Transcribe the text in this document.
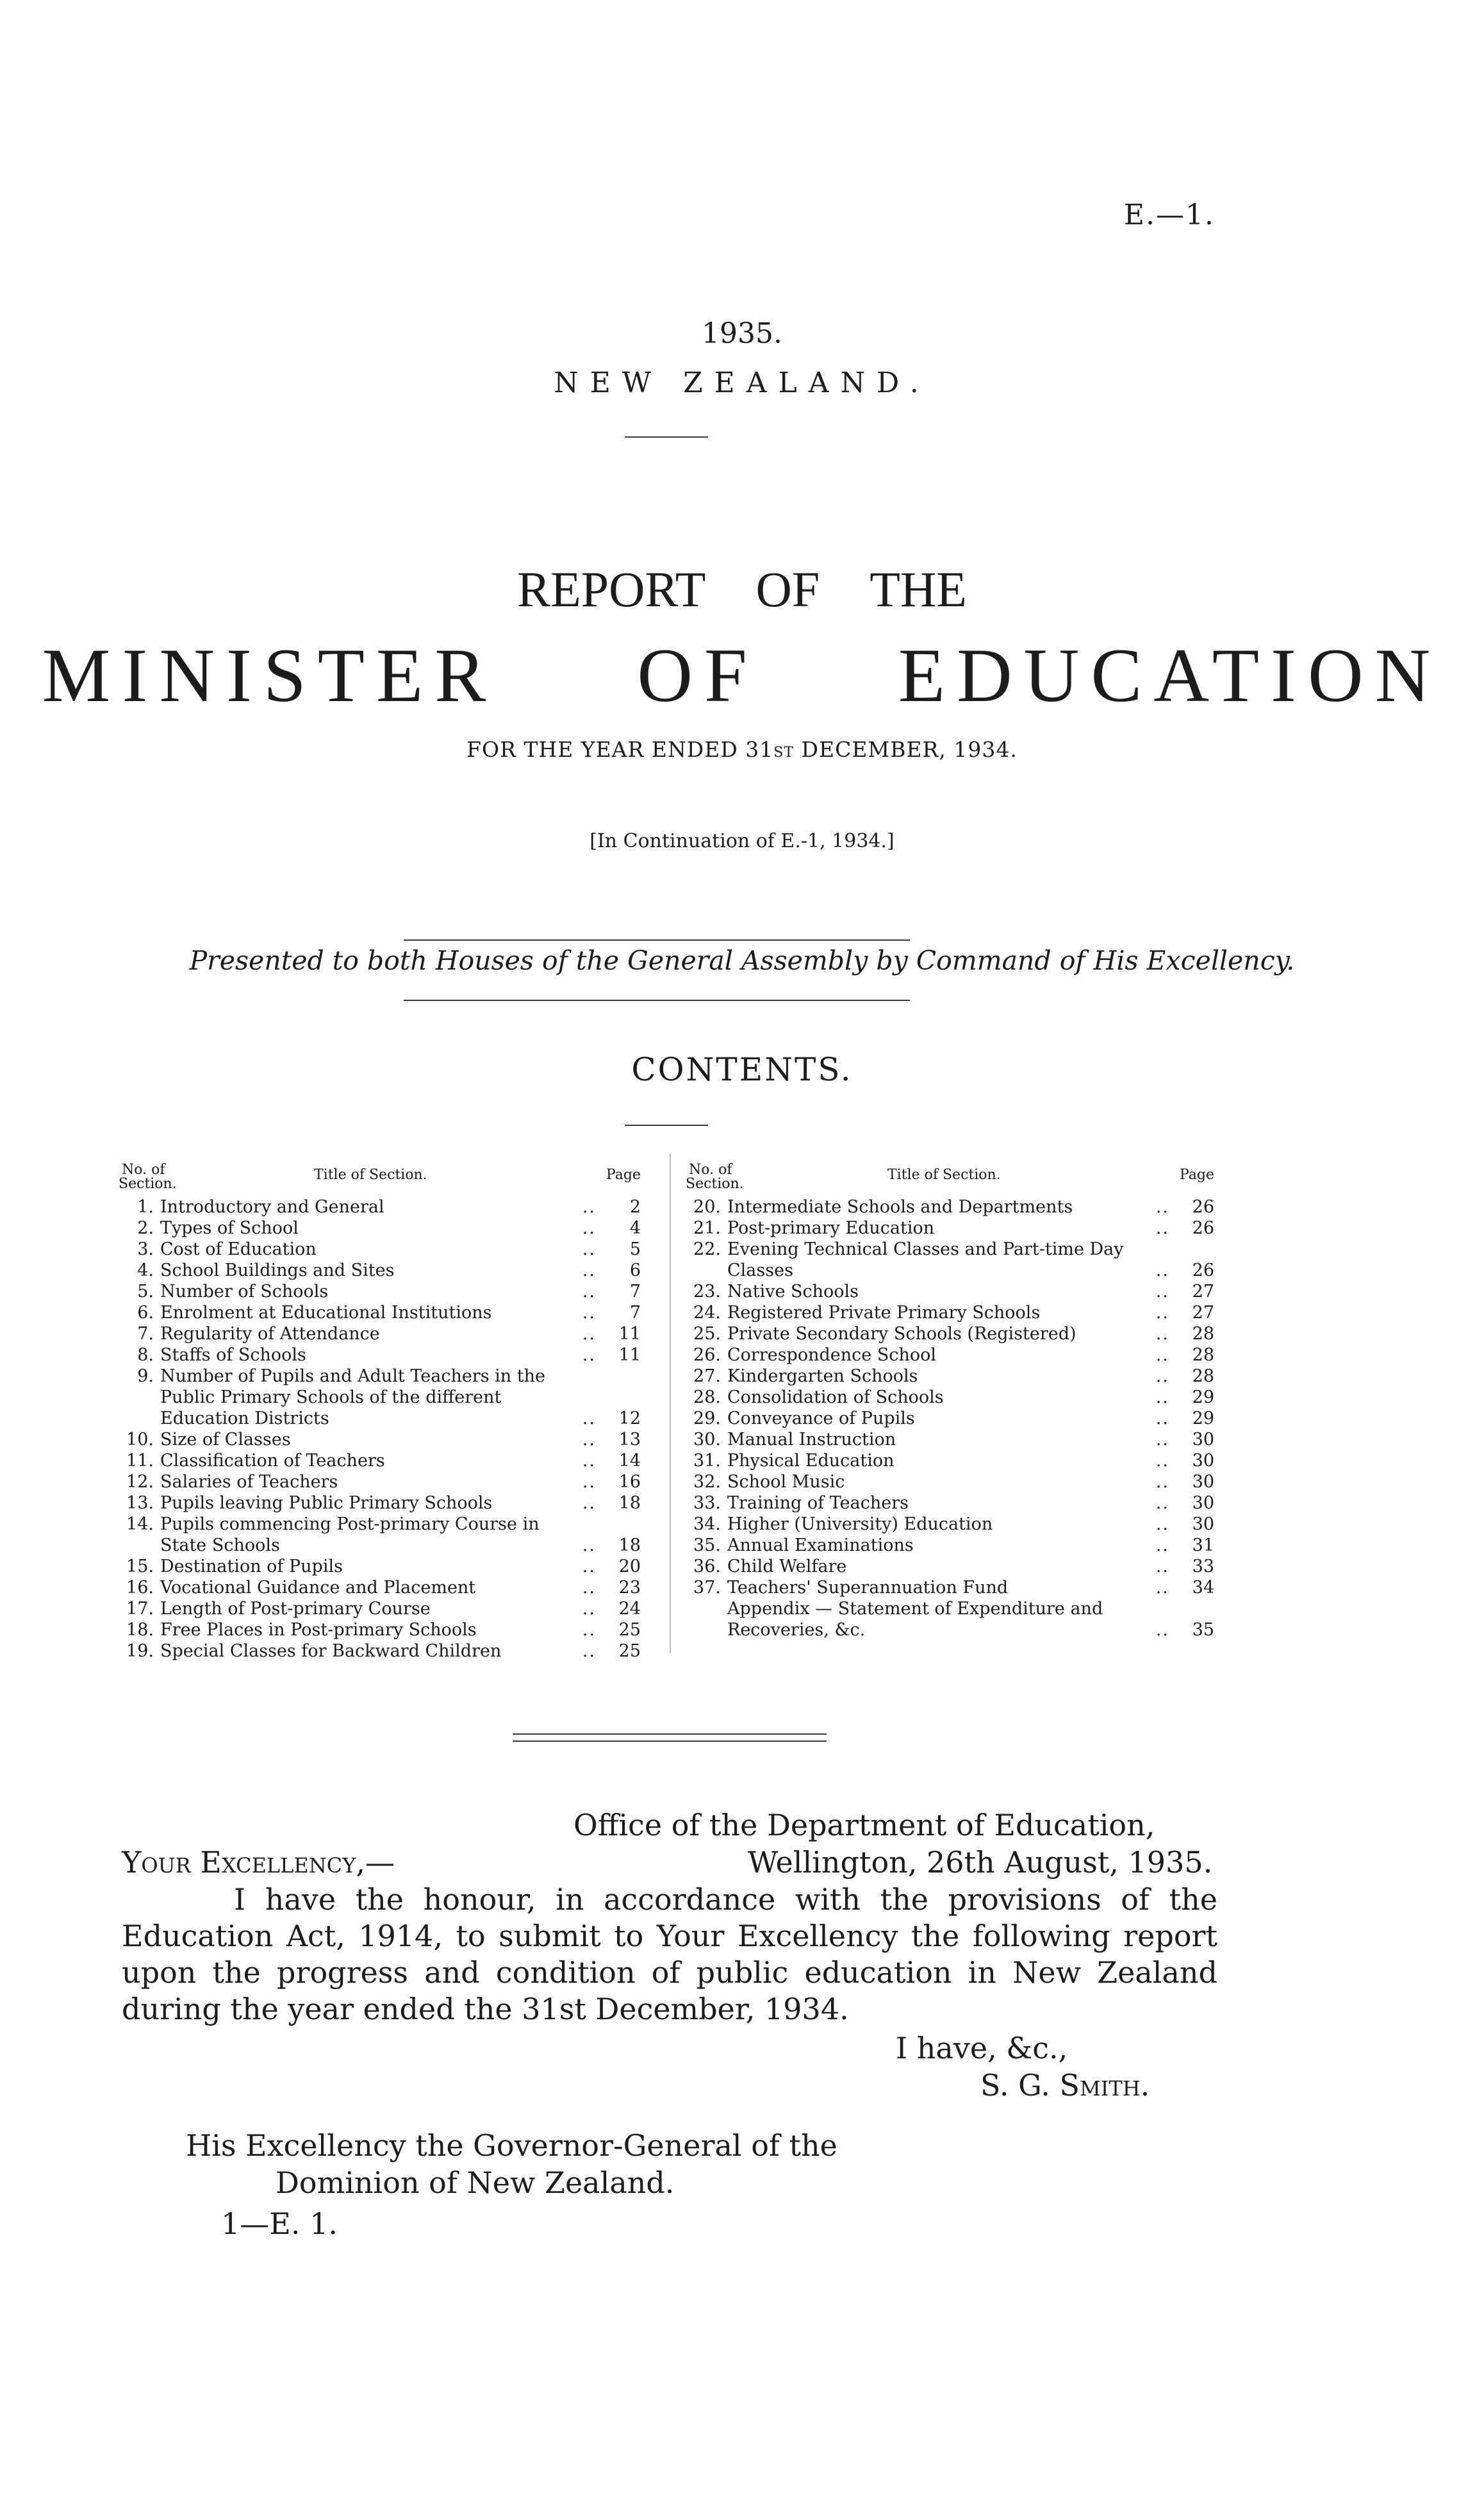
E.—1.
1935.
NEW ZEALAND.
REPORT OF THE
MINISTER OF EDUCATION
FOR THE YEAR ENDED 31ST DECEMBER, 1934.
[In Continuation of E.-1, 1934.]
Presented to both Houses of the General Assembly by Command of His Excellency.
CONTENTS.
No. of
Section.
Title of Section.	Page
1. Introductory and General	..	2
2. Types of School	..	4
3. Cost of Education	..	5
4. School Buildings and Sites	..	6
5. Number of Schools	..	7
6. Enrolment at Educational Institutions	..	7
7. Regularity of Attendance	..	11
8. Staffs of Schools	..	11
9. Number of Pupils and Adult Teachers in the Public Primary Schools of the different Education Districts	..	12
10. Size of Classes	..	13
11. Classification of Teachers	..	14
12. Salaries of Teachers	..	16
13. Pupils leaving Public Primary Schools	..	18
14. Pupils commencing Post-primary Course in State Schools	..	18
15. Destination of Pupils	..	20
16. Vocational Guidance and Placement	..	23
17. Length of Post-primary Course	..	24
18. Free Places in Post-primary Schools	..	25
19. Special Classes for Backward Children	..	25
No. of
Section.
Title of Section.	Page
20. Intermediate Schools and Departments	..	26
21. Post-primary Education	..	26
22. Evening Technical Classes and Part-time Day Classes	..	26
23. Native Schools	..	27
24. Registered Private Primary Schools	..	27
25. Private Secondary Schools (Registered)	..	28
26. Correspondence School	..	28
27. Kindergarten Schools	..	28
28. Consolidation of Schools	..	29
29. Conveyance of Pupils	..	29
30. Manual Instruction	..	30
31. Physical Education	..	30
32. School Music	..	30
33. Training of Teachers	..	30
34. Higher (University) Education	..	30
35. Annual Examinations	..	31
36. Child Welfare	..	33
37. Teachers' Superannuation Fund	..	34
Appendix — Statement of Expenditure and Recoveries, &c.	..	35
Office of the Department of Education,
Your Excellency,—	Wellington, 26th August, 1935.
I have the honour, in accordance with the provisions of the Education Act, 1914, to submit to Your Excellency the following report upon the progress and condition of public education in New Zealand during the year ended the 31st December, 1934.
I have, &c.,
S. G. Smith.
His Excellency the Governor-General of the
Dominion of New Zealand.
1—E. 1.
